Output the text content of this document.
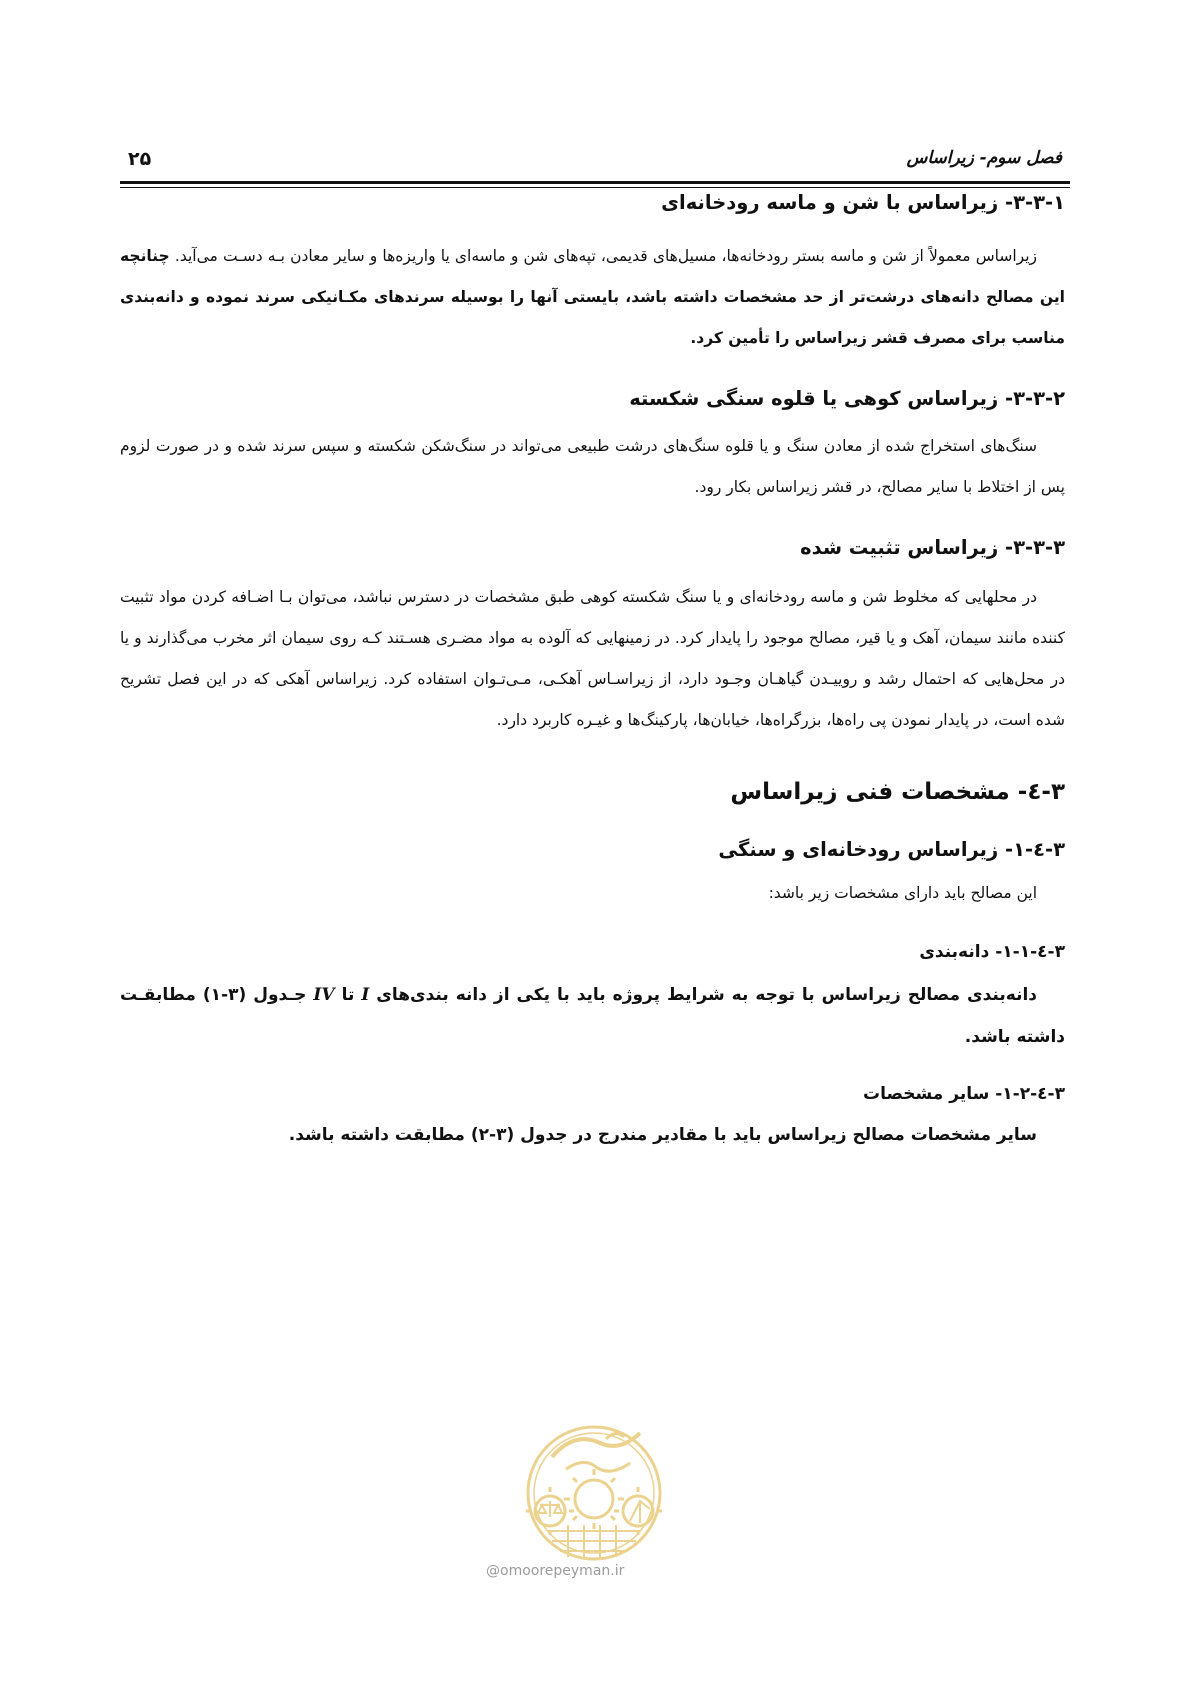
فصل سوم- زیراساس
۲۵
۳-۳-۱- زیراساس با شن و ماسه رودخانه‌ای

زیراساس معمولاً از شن و ماسه بستر رودخانه‌ها، مسیل‌های قدیمی، تپه‌های شن و ماسه‌ای یا واریزه‌ها و سایر معادن بـه دسـت می‌آید. چنانچه این مصالح دانه‌های درشت‌تر از حد مشخصات داشته باشد، بایستی آنها را بوسیله سرندهای مکـانیکی سرند نموده و دانه‌بندی مناسب برای مصرف قشر زیراساس را تأمین کرد.

۳-۳-۲- زیراساس کوهی یا قلوه سنگی شکسته

سنگ‌های استخراج شده از معادن سنگ و یا قلوه سنگ‌های درشت طبیعی می‌تواند در سنگ‌شکن شکسته و سپس سرند شده و در صورت لزوم پس از اختلاط با سایر مصالح، در قشر زیراساس بکار رود.

۳-۳-۳- زیراساس تثبیت شده

در محلهایی که مخلوط شن و ماسه رودخانه‌ای و یا سنگ شکسته کوهی طبق مشخصات در دسترس نباشد، می‌توان بـا اضـافه کردن مواد تثبیت کننده مانند سیمان، آهک و یا قیر، مصالح موجود را پایدار کرد. در زمینهایی که آلوده به مواد مضـری هسـتند کـه روی سیمان اثر مخرب می‌گذارند و یا در محل‌هایی که احتمال رشد و روییـدن گیاهـان وجـود دارد، از زیراسـاس آهکـی، مـی‌تـوان استفاده کرد. زیراساس آهکی که در این فصل تشریح شده است، در پایدار نمودن پی راه‌ها، بزرگراه‌ها، خیابان‌ها، پارکینگ‌ها و غیـره کاربرد دارد.

۳-٤- مشخصات فنی زیراساس
۳-٤-۱- زیراساس رودخانه‌ای و سنگی

این مصالح باید دارای مشخصات زیر باشد:

۳-٤-۱-۱- دانه‌بندی

دانه‌بندی مصالح زیراساس با توجه به شرایط پروژه باید با یکی از دانه بندی‌های I تا IV جـدول (۳-۱) مطابقـت داشته باشد.

۳-٤-۱-۲- سایر مشخصات

سایر مشخصات مصالح زیراساس باید با مقادیر مندرج در جدول (۳-۲) مطابقت داشته باشد.

@omoorepeyman.ir
